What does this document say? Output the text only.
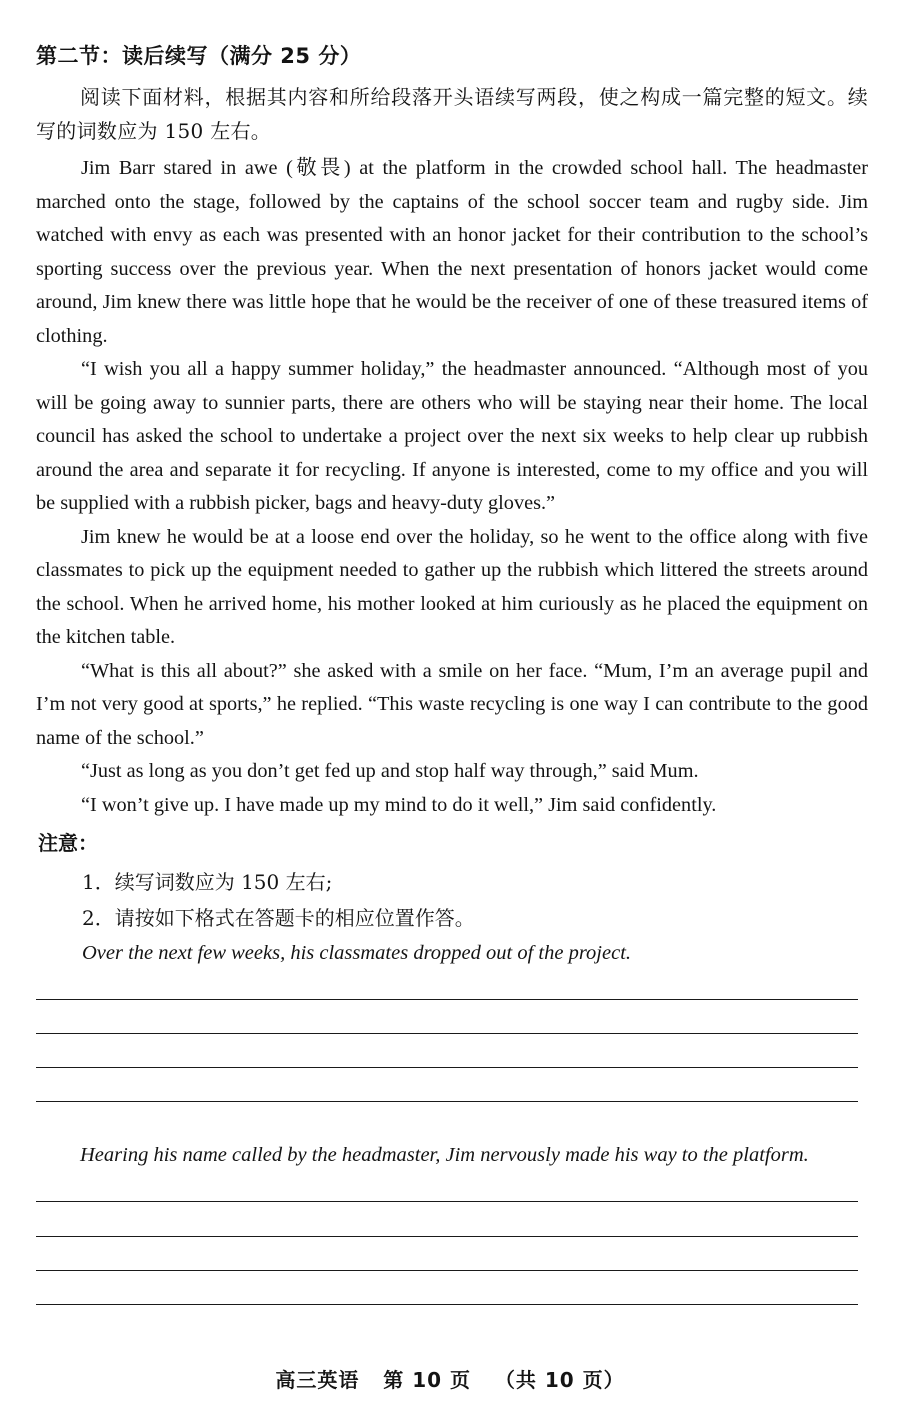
第二节：读后续写（满分 25 分）
阅读下面材料，根据其内容和所给段落开头语续写两段，使之构成一篇完整的短文。续写的词数应为 150 左右。

Jim Barr stared in awe (敬畏) at the platform in the crowded school hall. The headmaster marched onto the stage, followed by the captains of the school soccer team and rugby side. Jim watched with envy as each was presented with an honor jacket for their contribution to the school’s sporting success over the previous year. When the next presentation of honors jacket would come around, Jim knew there was little hope that he would be the receiver of one of these treasured items of clothing.

“I wish you all a happy summer holiday,” the headmaster announced. “Although most of you will be going away to sunnier parts, there are others who will be staying near their home. The local council has asked the school to undertake a project over the next six weeks to help clear up rubbish around the area and separate it for recycling. If anyone is interested, come to my office and you will be supplied with a rubbish picker, bags and heavy-duty gloves.”

Jim knew he would be at a loose end over the holiday, so he went to the office along with five classmates to pick up the equipment needed to gather up the rubbish which littered the streets around the school. When he arrived home, his mother looked at him curiously as he placed the equipment on the kitchen table.

“What is this all about?” she asked with a smile on her face. “Mum, I’m an average pupil and I’m not very good at sports,” he replied. “This waste recycling is one way I can contribute to the good name of the school.”

“Just as long as you don’t get fed up and stop half way through,” said Mum.

“I won’t give up. I have made up my mind to do it well,” Jim said confidently.

注意：
1．续写词数应为 150 左右;
2．请按如下格式在答题卡的相应位置作答。
Over the next few weeks, his classmates dropped out of the project.
Hearing his name called by the headmaster, Jim nervously made his way to the platform.
高三英语   第 10 页   （共 10 页）
